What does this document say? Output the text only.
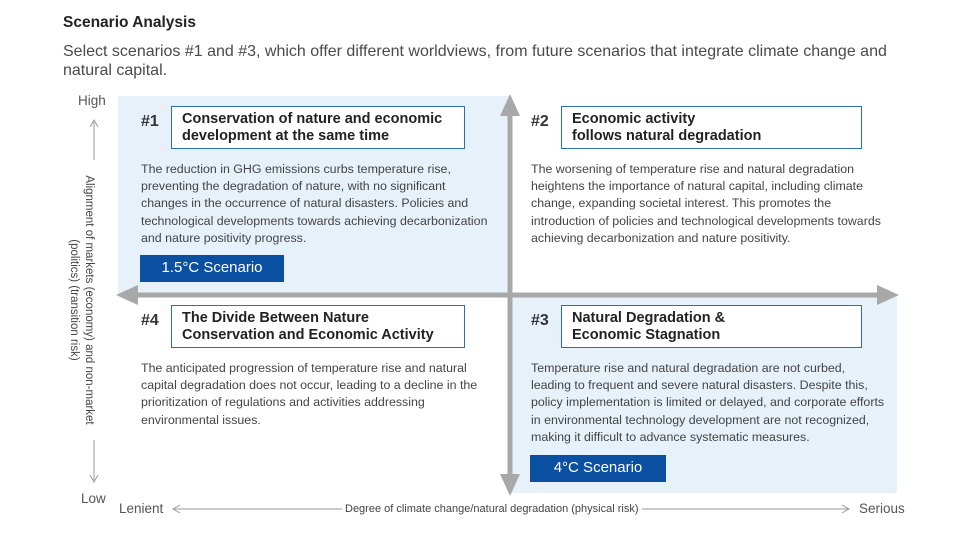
Scenario Analysis
Select scenarios #1 and #3, which offer different worldviews, from future scenarios that integrate climate change and natural capital.
High
Low
Lenient	Serious
Degree of climate change/natural degradation (physical risk)
Alignment of markets (economy) and non-market (politics) (transition risk)
#1 Conservation of nature and economic
development at the same time
The reduction in GHG emissions curbs temperature rise, preventing the degradation of nature, with no significant changes in the occurrence of natural disasters. Policies and technological developments towards achieving decarbonization and nature positivity progress.
1.5°C Scenario
#2 Economic activity
follows natural degradation
The worsening of temperature rise and natural degradation heightens the importance of natural capital, including climate change, expanding societal interest. This promotes the introduction of policies and technological developments towards achieving decarbonization and nature positivity.
#4 The Divide Between Nature
Conservation and Economic Activity
The anticipated progression of temperature rise and natural capital degradation does not occur, leading to a decline in the prioritization of regulations and activities addressing environmental issues.
#3 Natural Degradation &
Economic Stagnation
Temperature rise and natural degradation are not curbed, leading to frequent and severe natural disasters. Despite this, policy implementation is limited or delayed, and corporate efforts in environmental technology development are not recognized, making it difficult to advance systematic measures.
4°C Scenario
